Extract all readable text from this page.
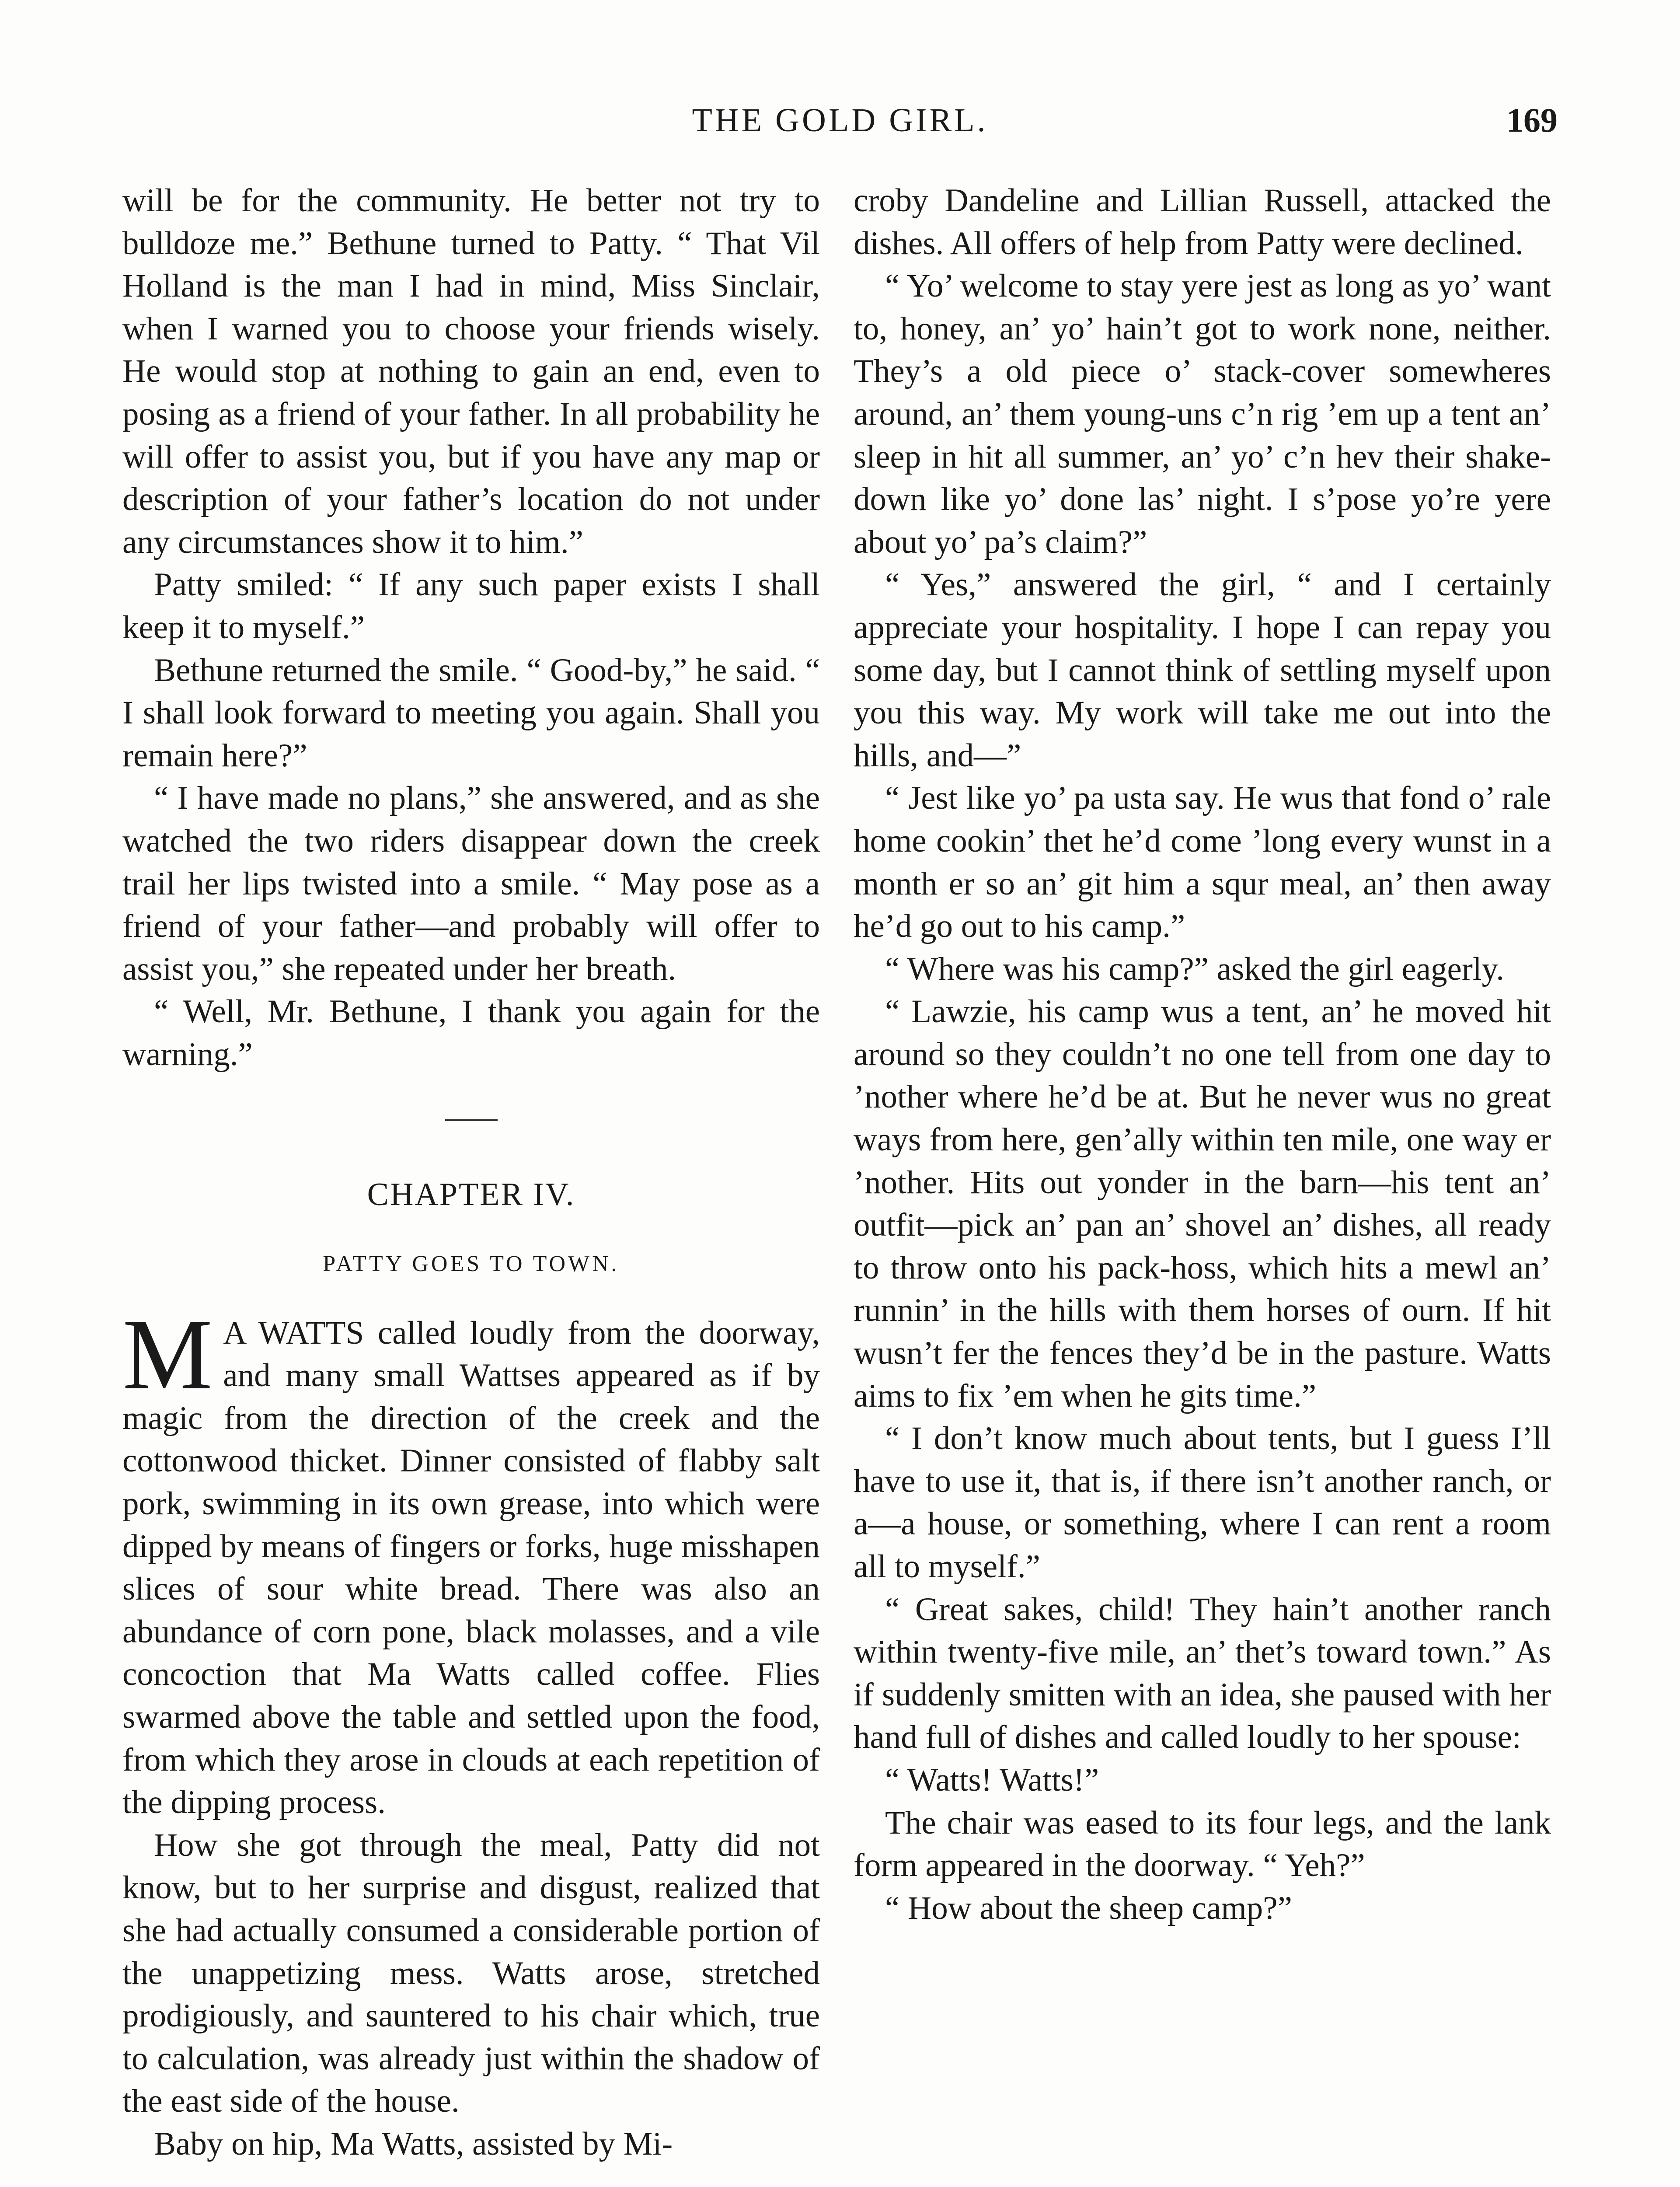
THE GOLD GIRL.	169

will be for the community. He better not try to bulldoze me.” Bethune turned to Patty. “ That Vil Holland is the man I had in mind, Miss Sinclair, when I warned you to choose your friends wisely. He would stop at nothing to gain an end, even to posing as a friend of your father. In all probability he will offer to assist you, but if you have any map or description of your father’s location do not under any circumstances show it to him.”

Patty smiled: “ If any such paper exists I shall keep it to myself.”

Bethune returned the smile. “ Good-by,” he said. “ I shall look forward to meeting you again. Shall you remain here?”

“ I have made no plans,” she answered, and as she watched the two riders disappear down the creek trail her lips twisted into a smile. “ May pose as a friend of your father—and probably will offer to assist you,” she repeated under her breath.

“ Well, Mr. Bethune, I thank you again for the warning.”

CHAPTER IV.
PATTY GOES TO TOWN.

M A WATTS called loudly from the doorway, and many small Wattses appeared as if by magic from the direction of the creek and the cottonwood thicket. Dinner consisted of flabby salt pork, swimming in its own grease, into which were dipped by means of fingers or forks, huge misshapen slices of sour white bread. There was also an abundance of corn pone, black molasses, and a vile concoction that Ma Watts called coffee. Flies swarmed above the table and settled upon the food, from which they arose in clouds at each repetition of the dipping process.

How she got through the meal, Patty did not know, but to her surprise and disgust, realized that she had actually consumed a considerable portion of the unappetizing mess. Watts arose, stretched prodigiously, and sauntered to his chair which, true to calculation, was already just within the shadow of the east side of the house.

Baby on hip, Ma Watts, assisted by Mi-

croby Dandeline and Lillian Russell, attacked the dishes. All offers of help from Patty were declined.

“ Yo’ welcome to stay yere jest as long as yo’ want to, honey, an’ yo’ hain’t got to work none, neither. They’s a old piece o’ stack-cover somewheres around, an’ them young-uns c’n rig ’em up a tent an’ sleep in hit all summer, an’ yo’ c’n hev their shake-down like yo’ done las’ night. I s’pose yo’re yere about yo’ pa’s claim?”

“ Yes,” answered the girl, “ and I certainly appreciate your hospitality. I hope I can repay you some day, but I cannot think of settling myself upon you this way. My work will take me out into the hills, and—”

“ Jest like yo’ pa usta say. He wus that fond o’ rale home cookin’ thet he’d come ’long every wunst in a month er so an’ git him a squr meal, an’ then away he’d go out to his camp.”

“ Where was his camp?” asked the girl eagerly.

“ Lawzie, his camp wus a tent, an’ he moved hit around so they couldn’t no one tell from one day to ’nother where he’d be at. But he never wus no great ways from here, gen’ally within ten mile, one way er ’nother. Hits out yonder in the barn—his tent an’ outfit—pick an’ pan an’ shovel an’ dishes, all ready to throw onto his pack-hoss, which hits a mewl an’ runnin’ in the hills with them horses of ourn. If hit wusn’t fer the fences they’d be in the pasture. Watts aims to fix ’em when he gits time.”

“ I don’t know much about tents, but I guess I’ll have to use it, that is, if there isn’t another ranch, or a—a house, or something, where I can rent a room all to myself.”

“ Great sakes, child! They hain’t another ranch within twenty-five mile, an’ thet’s toward town.” As if suddenly smitten with an idea, she paused with her hand full of dishes and called loudly to her spouse:

“ Watts! Watts!”

The chair was eased to its four legs, and the lank form appeared in the doorway. “ Yeh?”

“ How about the sheep camp?”
